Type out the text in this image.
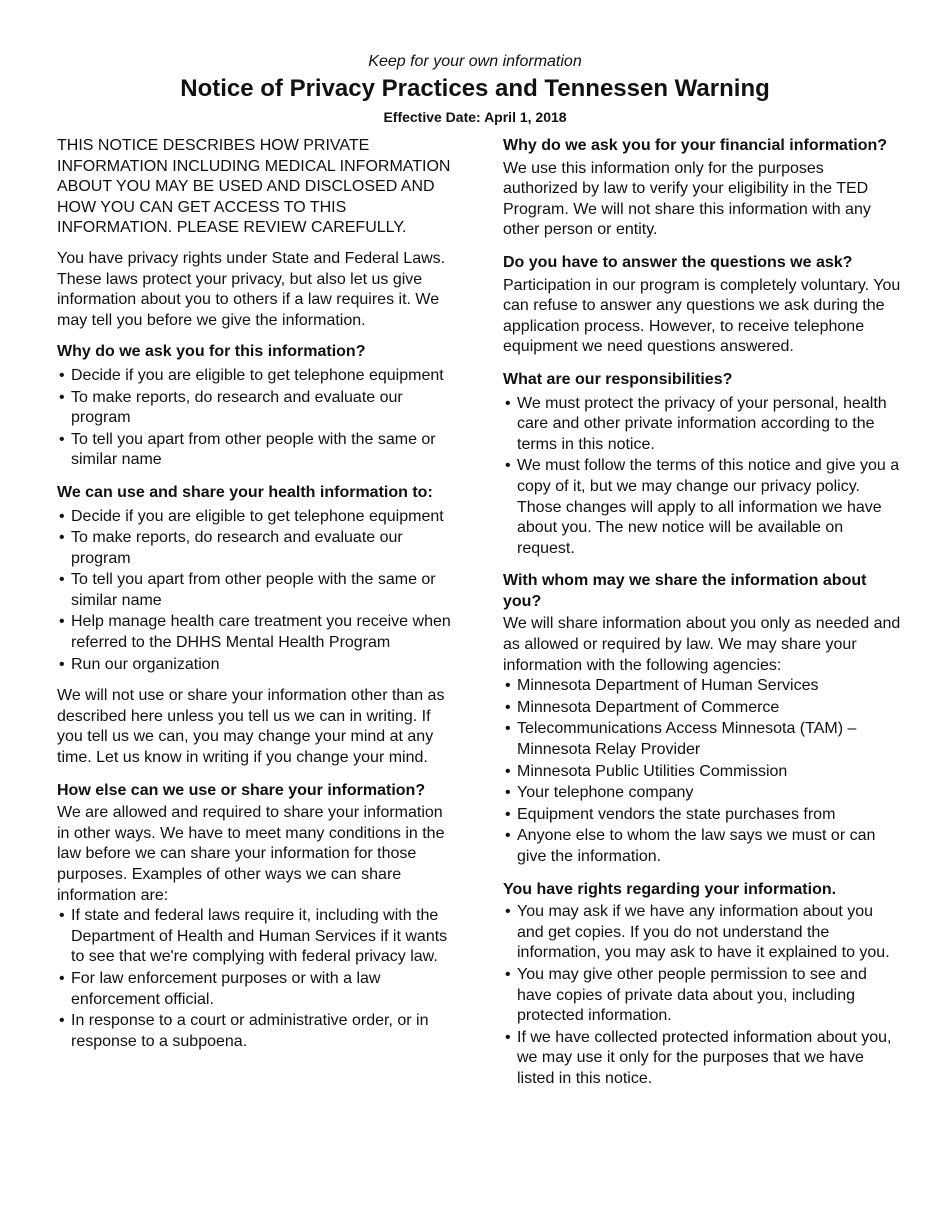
Keep for your own information
Notice of Privacy Practices and Tennessen Warning
Effective Date: April 1, 2018

THIS NOTICE DESCRIBES HOW PRIVATE INFORMATION INCLUDING MEDICAL INFORMATION ABOUT YOU MAY BE USED AND DISCLOSED AND HOW YOU CAN GET ACCESS TO THIS INFORMATION. PLEASE REVIEW CAREFULLY.

You have privacy rights under State and Federal Laws. These laws protect your privacy, but also let us give information about you to others if a law requires it. We may tell you before we give the information.

Why do we ask you for this information?
• Decide if you are eligible to get telephone equipment
• To make reports, do research and evaluate our program
• To tell you apart from other people with the same or similar name
We can use and share your health information to:
• Decide if you are eligible to get telephone equipment
• To make reports, do research and evaluate our program
• To tell you apart from other people with the same or similar name
• Help manage health care treatment you receive when referred to the DHHS Mental Health Program
• Run our organization

We will not use or share your information other than as described here unless you tell us we can in writing. If you tell us we can, you may change your mind at any time. Let us know in writing if you change your mind.

How else can we use or share your information?

We are allowed and required to share your information in other ways. We have to meet many conditions in the law before we can share your information for those purposes. Examples of other ways we can share information are:

• If state and federal laws require it, including with the Department of Health and Human Services if it wants to see that we're complying with federal privacy law.
• For law enforcement purposes or with a law enforcement official.
• In response to a court or administrative order, or in response to a subpoena.
Why do we ask you for your financial information?

We use this information only for the purposes authorized by law to verify your eligibility in the TED Program. We will not share this information with any other person or entity.

Do you have to answer the questions we ask?

Participation in our program is completely voluntary. You can refuse to answer any questions we ask during the application process. However, to receive telephone equipment we need questions answered.

What are our responsibilities?
• We must protect the privacy of your personal, health care and other private information according to the terms in this notice.
• We must follow the terms of this notice and give you a copy of it, but we may change our privacy policy. Those changes will apply to all information we have about you. The new notice will be available on request.
With whom may we share the information about you?

We will share information about you only as needed and as allowed or required by law. We may share your information with the following agencies:

• Minnesota Department of Human Services
• Minnesota Department of Commerce
• Telecommunications Access Minnesota (TAM) – Minnesota Relay Provider
• Minnesota Public Utilities Commission
• Your telephone company
• Equipment vendors the state purchases from
• Anyone else to whom the law says we must or can give the information.
You have rights regarding your information.
• You may ask if we have any information about you and get copies. If you do not understand the information, you may ask to have it explained to you.
• You may give other people permission to see and have copies of private data about you, including protected information.
• If we have collected protected information about you, we may use it only for the purposes that we have listed in this notice.
